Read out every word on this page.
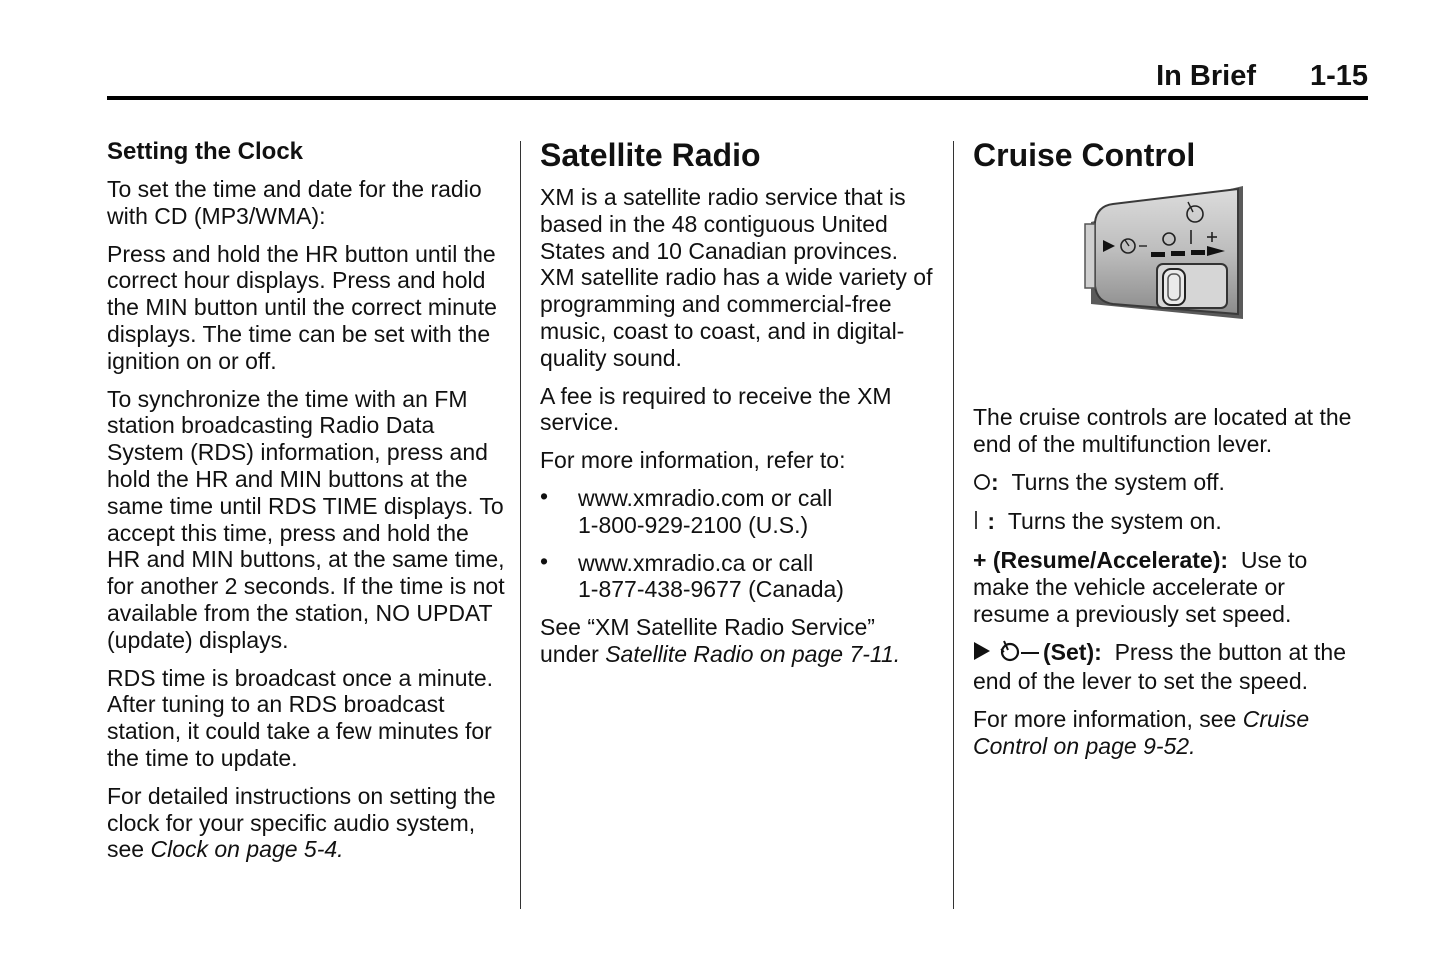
In Brief 1-15
Setting the Clock

To set the time and date for the radio with CD (MP3/WMA):

Press and hold the HR button until the correct hour displays. Press and hold the MIN button until the correct minute displays. The time can be set with the ignition on or off.

To synchronize the time with an FM station broadcasting Radio Data System (RDS) information, press and hold the HR and MIN buttons at the same time until RDS TIME displays. To accept this time, press and hold the HR and MIN buttons, at the same time, for another 2 seconds. If the time is not available from the station, NO UPDAT (update) displays.

RDS time is broadcast once a minute. After tuning to an RDS broadcast station, it could take a few minutes for the time to update.

For detailed instructions on setting the clock for your specific audio system, see Clock on page 5-4.

Satellite Radio

XM is a satellite radio service that is based in the 48 contiguous United States and 10 Canadian provinces. XM satellite radio has a wide variety of programming and commercial-free music, coast to coast, and in digital-quality sound.

A fee is required to receive the XM service.

For more information, refer to:

• www.xmradio.com or call
1-800-929-2100 (U.S.)
• www.xmradio.ca or call
1-877-438-9677 (Canada)

See “XM Satellite Radio Service” under Satellite Radio on page 7-11.

Cruise Control

The cruise controls are located at the end of the multifunction lever.

: Turns the system off.

: Turns the system on.

+ (Resume/Accelerate): Use to make the vehicle accelerate or resume a previously set speed.

(Set): Press the button at the end of the lever to set the speed.

For more information, see Cruise Control on page 9-52.
